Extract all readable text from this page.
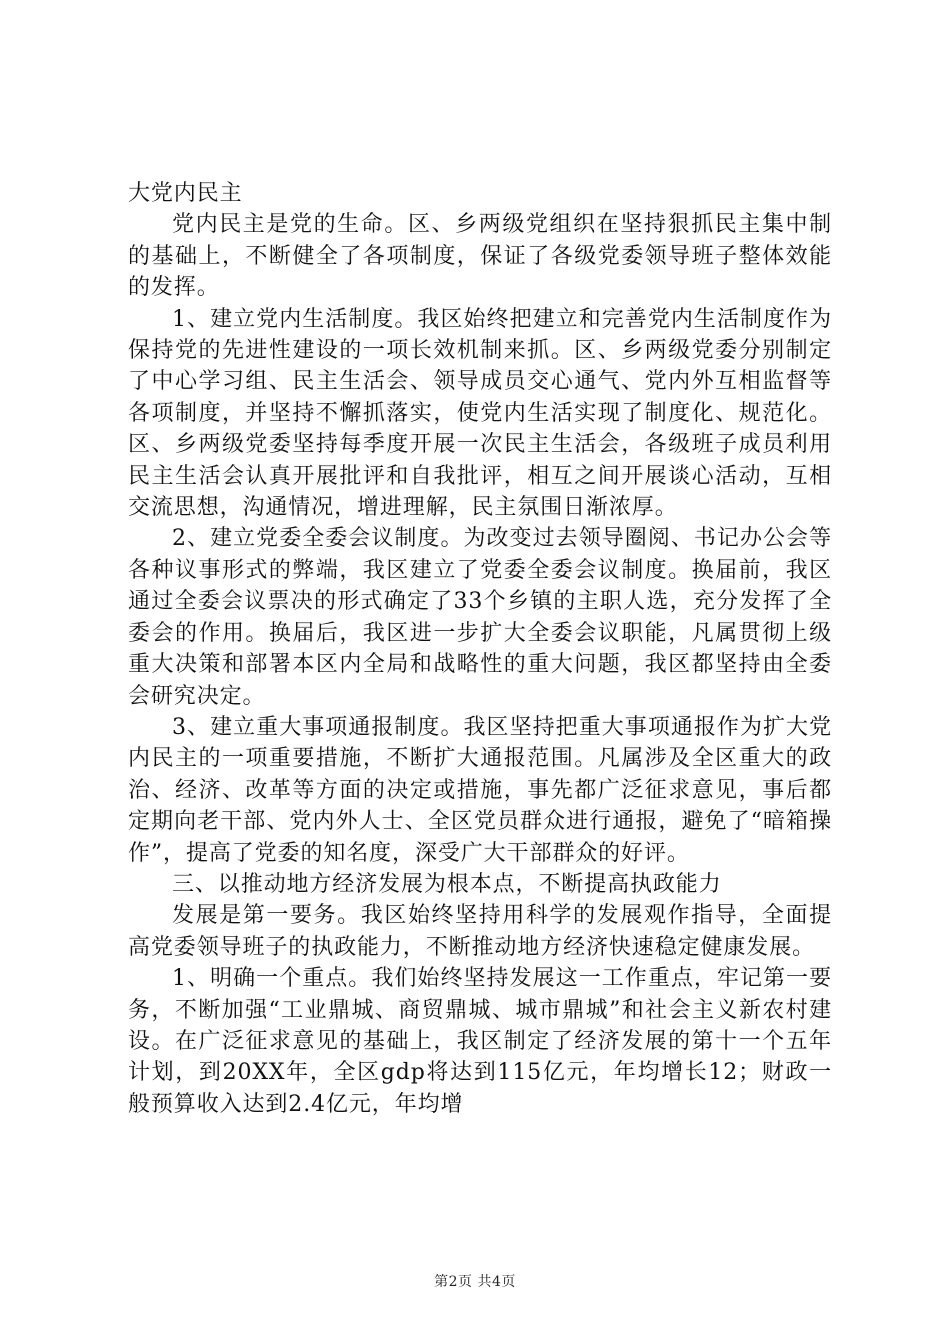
大党内民主

党内民主是党的生命。区、乡两级党组织在坚持狠抓民主集中制的基础上，不断健全了各项制度，保证了各级党委领导班子整体效能的发挥。

1、建立党内生活制度。我区始终把建立和完善党内生活制度作为保持党的先进性建设的一项长效机制来抓。区、乡两级党委分别制定了中心学习组、民主生活会、领导成员交心通气、党内外互相监督等各项制度，并坚持不懈抓落实，使党内生活实现了制度化、规范化。区、乡两级党委坚持每季度开展一次民主生活会，各级班子成员利用民主生活会认真开展批评和自我批评，相互之间开展谈心活动，互相交流思想，沟通情况，增进理解，民主氛围日渐浓厚。

2、建立党委全委会议制度。为改变过去领导圈阅、书记办公会等各种议事形式的弊端，我区建立了党委全委会议制度。换届前，我区通过全委会议票决的形式确定了33个乡镇的主职人选，充分发挥了全委会的作用。换届后，我区进一步扩大全委会议职能，凡属贯彻上级重大决策和部署本区内全局和战略性的重大问题，我区都坚持由全委会研究决定。

3、建立重大事项通报制度。我区坚持把重大事项通报作为扩大党内民主的一项重要措施，不断扩大通报范围。凡属涉及全区重大的政治、经济、改革等方面的决定或措施，事先都广泛征求意见，事后都定期向老干部、党内外人士、全区党员群众进行通报，避免了“暗箱操作”，提高了党委的知名度，深受广大干部群众的好评。

三、以推动地方经济发展为根本点，不断提高执政能力

发展是第一要务。我区始终坚持用科学的发展观作指导，全面提高党委领导班子的执政能力，不断推动地方经济快速稳定健康发展。

1、明确一个重点。我们始终坚持发展这一工作重点，牢记第一要务，不断加强“工业鼎城、商贸鼎城、城市鼎城”和社会主义新农村建设。在广泛征求意见的基础上，我区制定了经济发展的第十一个五年计划，到20XX年，全区gdp将达到115亿元，年均增长12；财政一般预算收入达到2.4亿元，年均增

第2页 共4页
